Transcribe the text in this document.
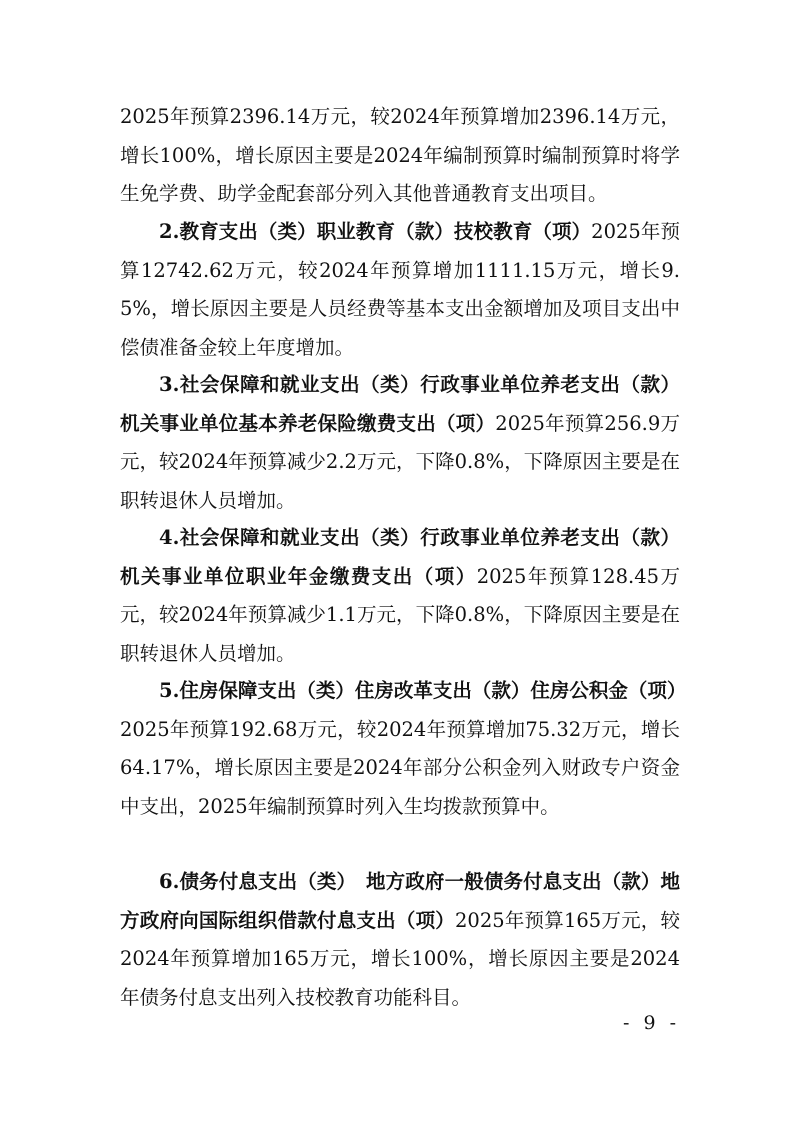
2025年预算2396.14万元，较2024年预算增加2396.14万元，增长100%，增长原因主要是2024年编制预算时编制预算时将学生免学费、助学金配套部分列入其他普通教育支出项目。

2.教育支出（类）职业教育（款）技校教育（项）2025年预算12742.62万元，较2024年预算增加1111.15万元，增长9.5%，增长原因主要是人员经费等基本支出金额增加及项目支出中偿债准备金较上年度增加。

3.社会保障和就业支出（类）行政事业单位养老支出（款）机关事业单位基本养老保险缴费支出（项）2025年预算256.9万元，较2024年预算减少2.2万元，下降0.8%，下降原因主要是在职转退休人员增加。

4.社会保障和就业支出（类）行政事业单位养老支出（款）机关事业单位职业年金缴费支出（项）2025年预算128.45万元，较2024年预算减少1.1万元，下降0.8%，下降原因主要是在职转退休人员增加。

5.住房保障支出（类）住房改革支出（款）住房公积金（项）2025年预算192.68万元，较2024年预算增加75.32万元，增长64.17%，增长原因主要是2024年部分公积金列入财政专户资金中支出，2025年编制预算时列入生均拨款预算中。

6.债务付息支出（类）　地方政府一般债务付息支出（款）地方政府向国际组织借款付息支出（项）2025年预算165万元，较2024年预算增加165万元，增长100%，增长原因主要是2024年债务付息支出列入技校教育功能科目。

- 9 -
